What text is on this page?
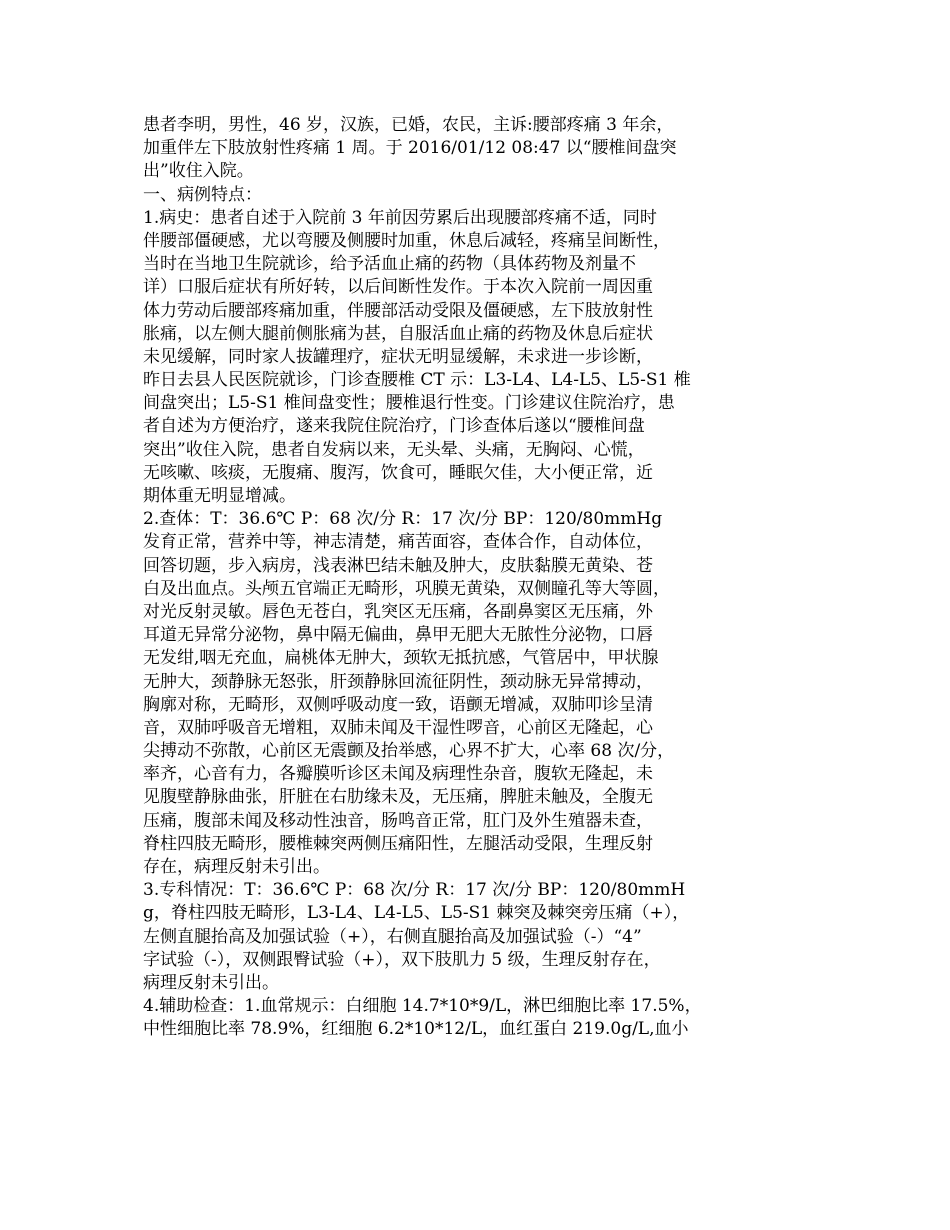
患者李明，男性，46 岁，汉族，已婚，农民，主诉:腰部疼痛 3 年余，
加重伴左下肢放射性疼痛 1 周。于 2016/01/12 08:47 以“腰椎间盘突
出”收住入院。
一、病例特点：
1.病史：患者自述于入院前 3 年前因劳累后出现腰部疼痛不适，同时
伴腰部僵硬感，尤以弯腰及侧腰时加重，休息后减轻，疼痛呈间断性，
当时在当地卫生院就诊，给予活血止痛的药物（具体药物及剂量不
详）口服后症状有所好转，以后间断性发作。于本次入院前一周因重
体力劳动后腰部疼痛加重，伴腰部活动受限及僵硬感，左下肢放射性
胀痛，以左侧大腿前侧胀痛为甚，自服活血止痛的药物及休息后症状
未见缓解，同时家人拔罐理疗，症状无明显缓解，未求进一步诊断，
昨日去县人民医院就诊，门诊查腰椎 CT 示：L3-L4、L4-L5、L5-S1 椎
间盘突出；L5-S1 椎间盘变性；腰椎退行性变。门诊建议住院治疗，患
者自述为方便治疗，遂来我院住院治疗，门诊查体后遂以“腰椎间盘
突出”收住入院，患者自发病以来，无头晕、头痛，无胸闷、心慌，
无咳嗽、咳痰，无腹痛、腹泻，饮食可，睡眠欠佳，大小便正常，近
期体重无明显增减。
2.查体：T：36.6℃ P：68 次/分 R：17 次/分 BP：120/80mmHg
发育正常，营养中等，神志清楚，痛苦面容，查体合作，自动体位，
回答切题，步入病房，浅表淋巴结未触及肿大，皮肤黏膜无黄染、苍
白及出血点。头颅五官端正无畸形，巩膜无黄染，双侧瞳孔等大等圆，
对光反射灵敏。唇色无苍白，乳突区无压痛，各副鼻窦区无压痛，外
耳道无异常分泌物，鼻中隔无偏曲，鼻甲无肥大无脓性分泌物，口唇
无发绀,咽无充血，扁桃体无肿大，颈软无抵抗感，气管居中，甲状腺
无肿大，颈静脉无怒张，肝颈静脉回流征阴性，颈动脉无异常搏动，
胸廓对称，无畸形，双侧呼吸动度一致，语颤无增减，双肺叩诊呈清
音，双肺呼吸音无增粗，双肺未闻及干湿性啰音，心前区无隆起，心
尖搏动不弥散，心前区无震颤及抬举感，心界不扩大，心率 68 次/分，
率齐，心音有力，各瓣膜听诊区未闻及病理性杂音，腹软无隆起，未
见腹壁静脉曲张，肝脏在右肋缘未及，无压痛，脾脏未触及，全腹无
压痛，腹部未闻及移动性浊音，肠鸣音正常，肛门及外生殖器未查，
脊柱四肢无畸形，腰椎棘突两侧压痛阳性，左腿活动受限，生理反射
存在，病理反射未引出。
3.专科情况：T：36.6℃ P：68 次/分 R：17 次/分 BP：120/80mmH
g，脊柱四肢无畸形，L3-L4、L4-L5、L5-S1 棘突及棘突旁压痛（+），
左侧直腿抬高及加强试验（+），右侧直腿抬高及加强试验（-）“4”
字试验（-），双侧跟臀试验（+），双下肢肌力 5 级，生理反射存在，
病理反射未引出。
4.辅助检查：1.血常规示：白细胞 14.7*10*9/L，淋巴细胞比率 17.5%，
中性细胞比率 78.9%，红细胞 6.2*10*12/L，血红蛋白 219.0g/L,血小
